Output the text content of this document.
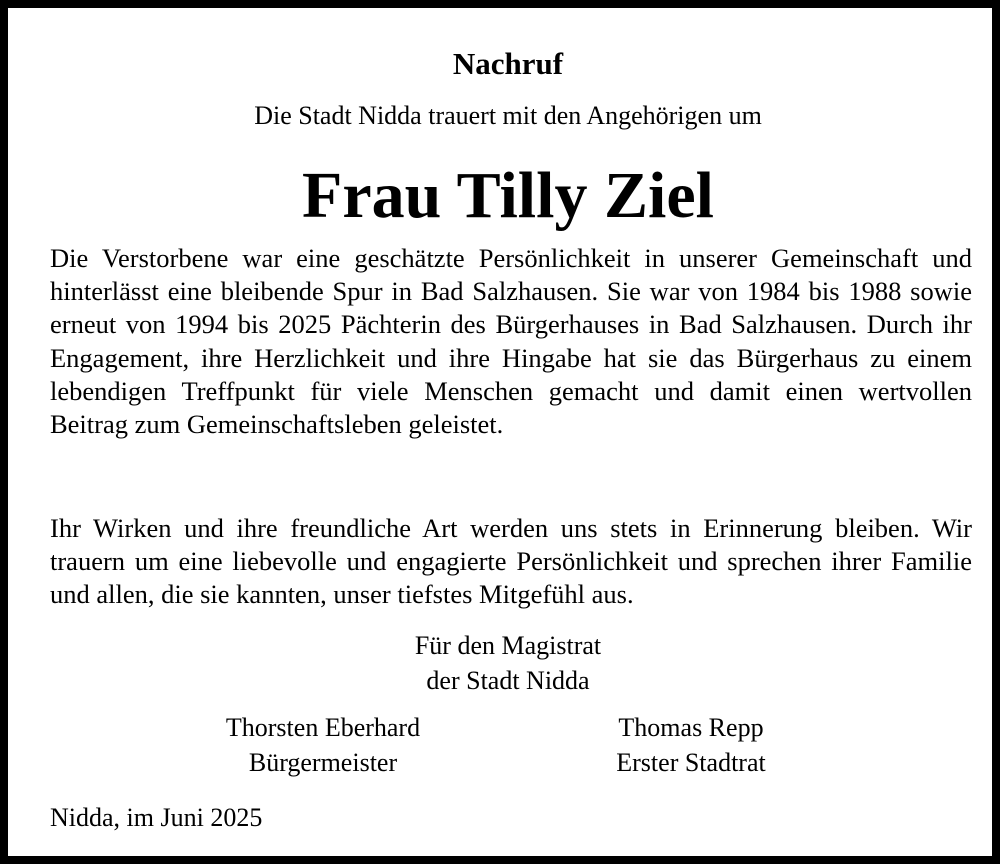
Nachruf
Die Stadt Nidda trauert mit den Angehörigen um
Frau Tilly Ziel
Die Verstorbene war eine geschätzte Persönlichkeit in unserer Gemeinschaft und hinterlässt eine bleibende Spur in Bad Salzhausen. Sie war von 1984 bis 1988 sowie erneut von 1994 bis 2025 Pächterin des Bürgerhauses in Bad Salzhausen. Durch ihr Engagement, ihre Herzlichkeit und ihre Hingabe hat sie das Bürgerhaus zu einem lebendigen Treffpunkt für viele Menschen gemacht und damit einen wertvollen Beitrag zum Gemeinschaftsleben geleistet.
Ihr Wirken und ihre freundliche Art werden uns stets in Erinnerung bleiben. Wir trauern um eine liebevolle und engagierte Persönlichkeit und sprechen ihrer Familie und allen, die sie kannten, unser tiefstes Mitgefühl aus.
Für den Magistrat
der Stadt Nidda
Thorsten Eberhard
Bürgermeister
Thomas Repp
Erster Stadtrat
Nidda, im Juni 2025
